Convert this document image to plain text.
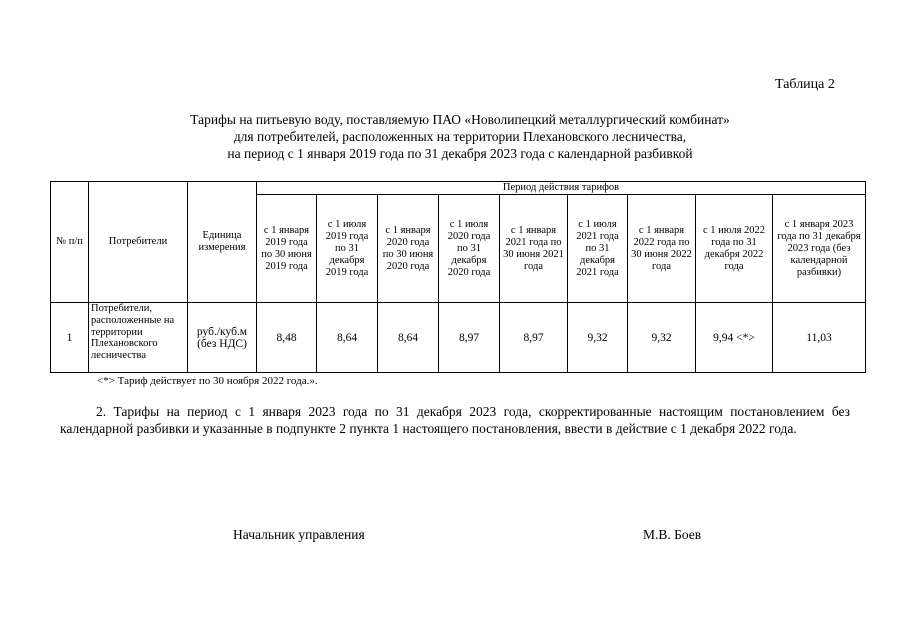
Таблица 2
Тарифы на питьевую воду, поставляемую ПАО «Новолипецкий металлургический комбинат»
для потребителей, расположенных на территории Плехановского лесничества,
на период с 1 января 2019 года по 31 декабря 2023 года с календарной разбивкой
№ п/п	Потребители	Единица измерения	Период действия тарифов								
			с 1 января 2019 года по 30 июня 2019 года	с 1 июля 2019 года по 31 декабря 2019 года	с 1 января 2020 года по 30 июня 2020 года	с 1 июля 2020 года по 31 декабря 2020 года	с 1 января 2021 года по 30 июня 2021 года	с 1 июля 2021 года по 31 декабря 2021 года	с 1 января 2022 года по 30 июня 2022 года	с 1 июля 2022 года по 31 декабря 2022 года	с 1 января 2023 года по 31 декабря 2023 года (без календарной разбивки)
1	Потребители, расположенные на территории Плехановского лесничества	руб./куб.м (без НДС)	8,48	8,64	8,64	8,97	8,97	9,32	9,32	9,94 <*>	11,03
<*> Тариф действует по 30 ноября 2022 года.».
2. Тарифы на период с 1 января 2023 года по 31 декабря 2023 года, скорректированные настоящим постановлением без календарной разбивки и указанные в подпункте 2 пункта 1 настоящего постановления, ввести в действие с 1 декабря 2022 года.
Начальник управления	М.В. Боев
